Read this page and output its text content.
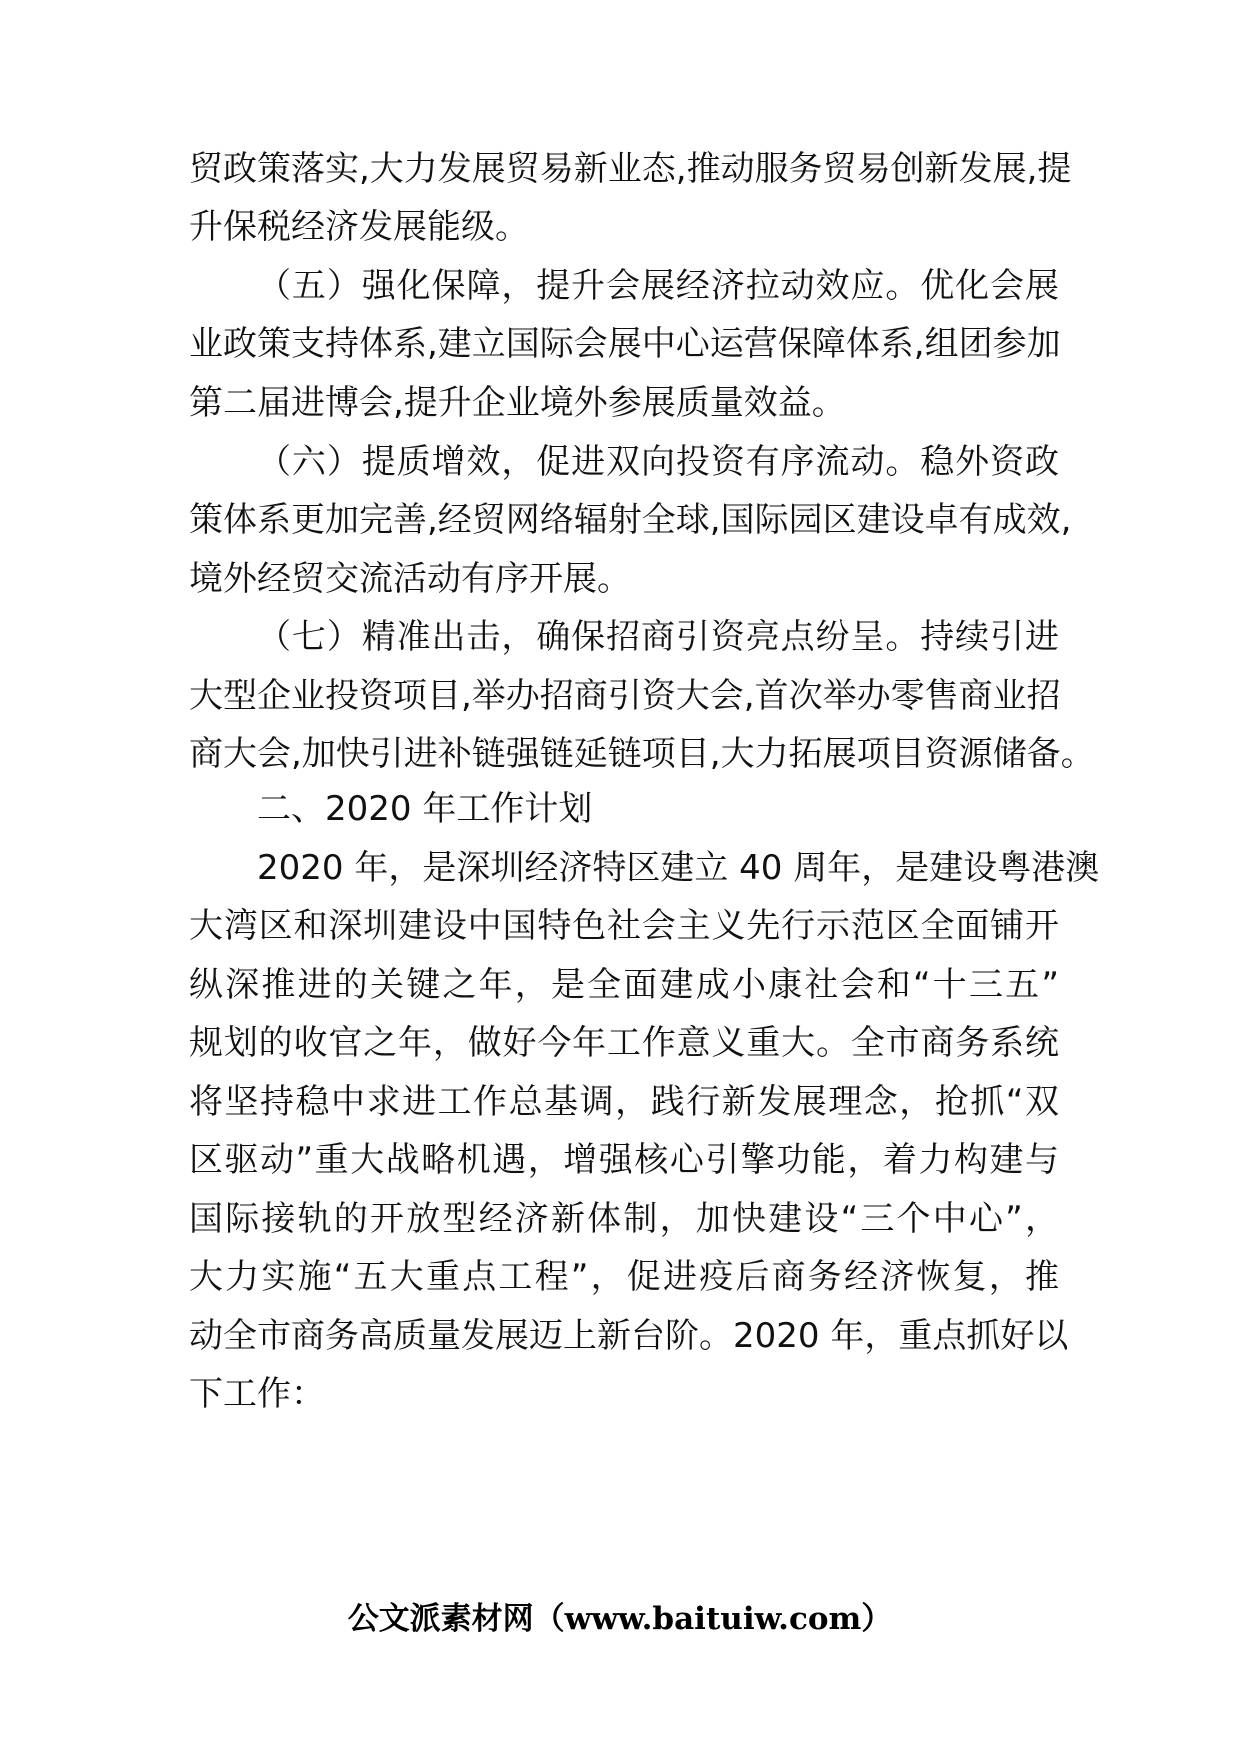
贸政策落实,大力发展贸易新业态,推动服务贸易创新发展,提
升保税经济发展能级。
（五）强化保障，提升会展经济拉动效应。优化会展
业政策支持体系,建立国际会展中心运营保障体系,组团参加
第二届进博会,提升企业境外参展质量效益。
（六）提质增效，促进双向投资有序流动。稳外资政
策体系更加完善,经贸网络辐射全球,国际园区建设卓有成效,
境外经贸交流活动有序开展。
（七）精准出击，确保招商引资亮点纷呈。持续引进
大型企业投资项目,举办招商引资大会,首次举办零售商业招
商大会,加快引进补链强链延链项目,大力拓展项目资源储备。
二、2020 年工作计划
2020 年，是深圳经济特区建立 40 周年，是建设粤港澳
大湾区和深圳建设中国特色社会主义先行示范区全面铺开
纵深推进的关键之年，是全面建成小康社会和“十三五”
规划的收官之年，做好今年工作意义重大。全市商务系统
将坚持稳中求进工作总基调，践行新发展理念，抢抓“双
区驱动”重大战略机遇，增强核心引擎功能，着力构建与
国际接轨的开放型经济新体制，加快建设“三个中心”，
大力实施“五大重点工程”，促进疫后商务经济恢复，推
动全市商务高质量发展迈上新台阶。2020 年，重点抓好以
下工作：
公文派素材网（www.baituiw.com）
